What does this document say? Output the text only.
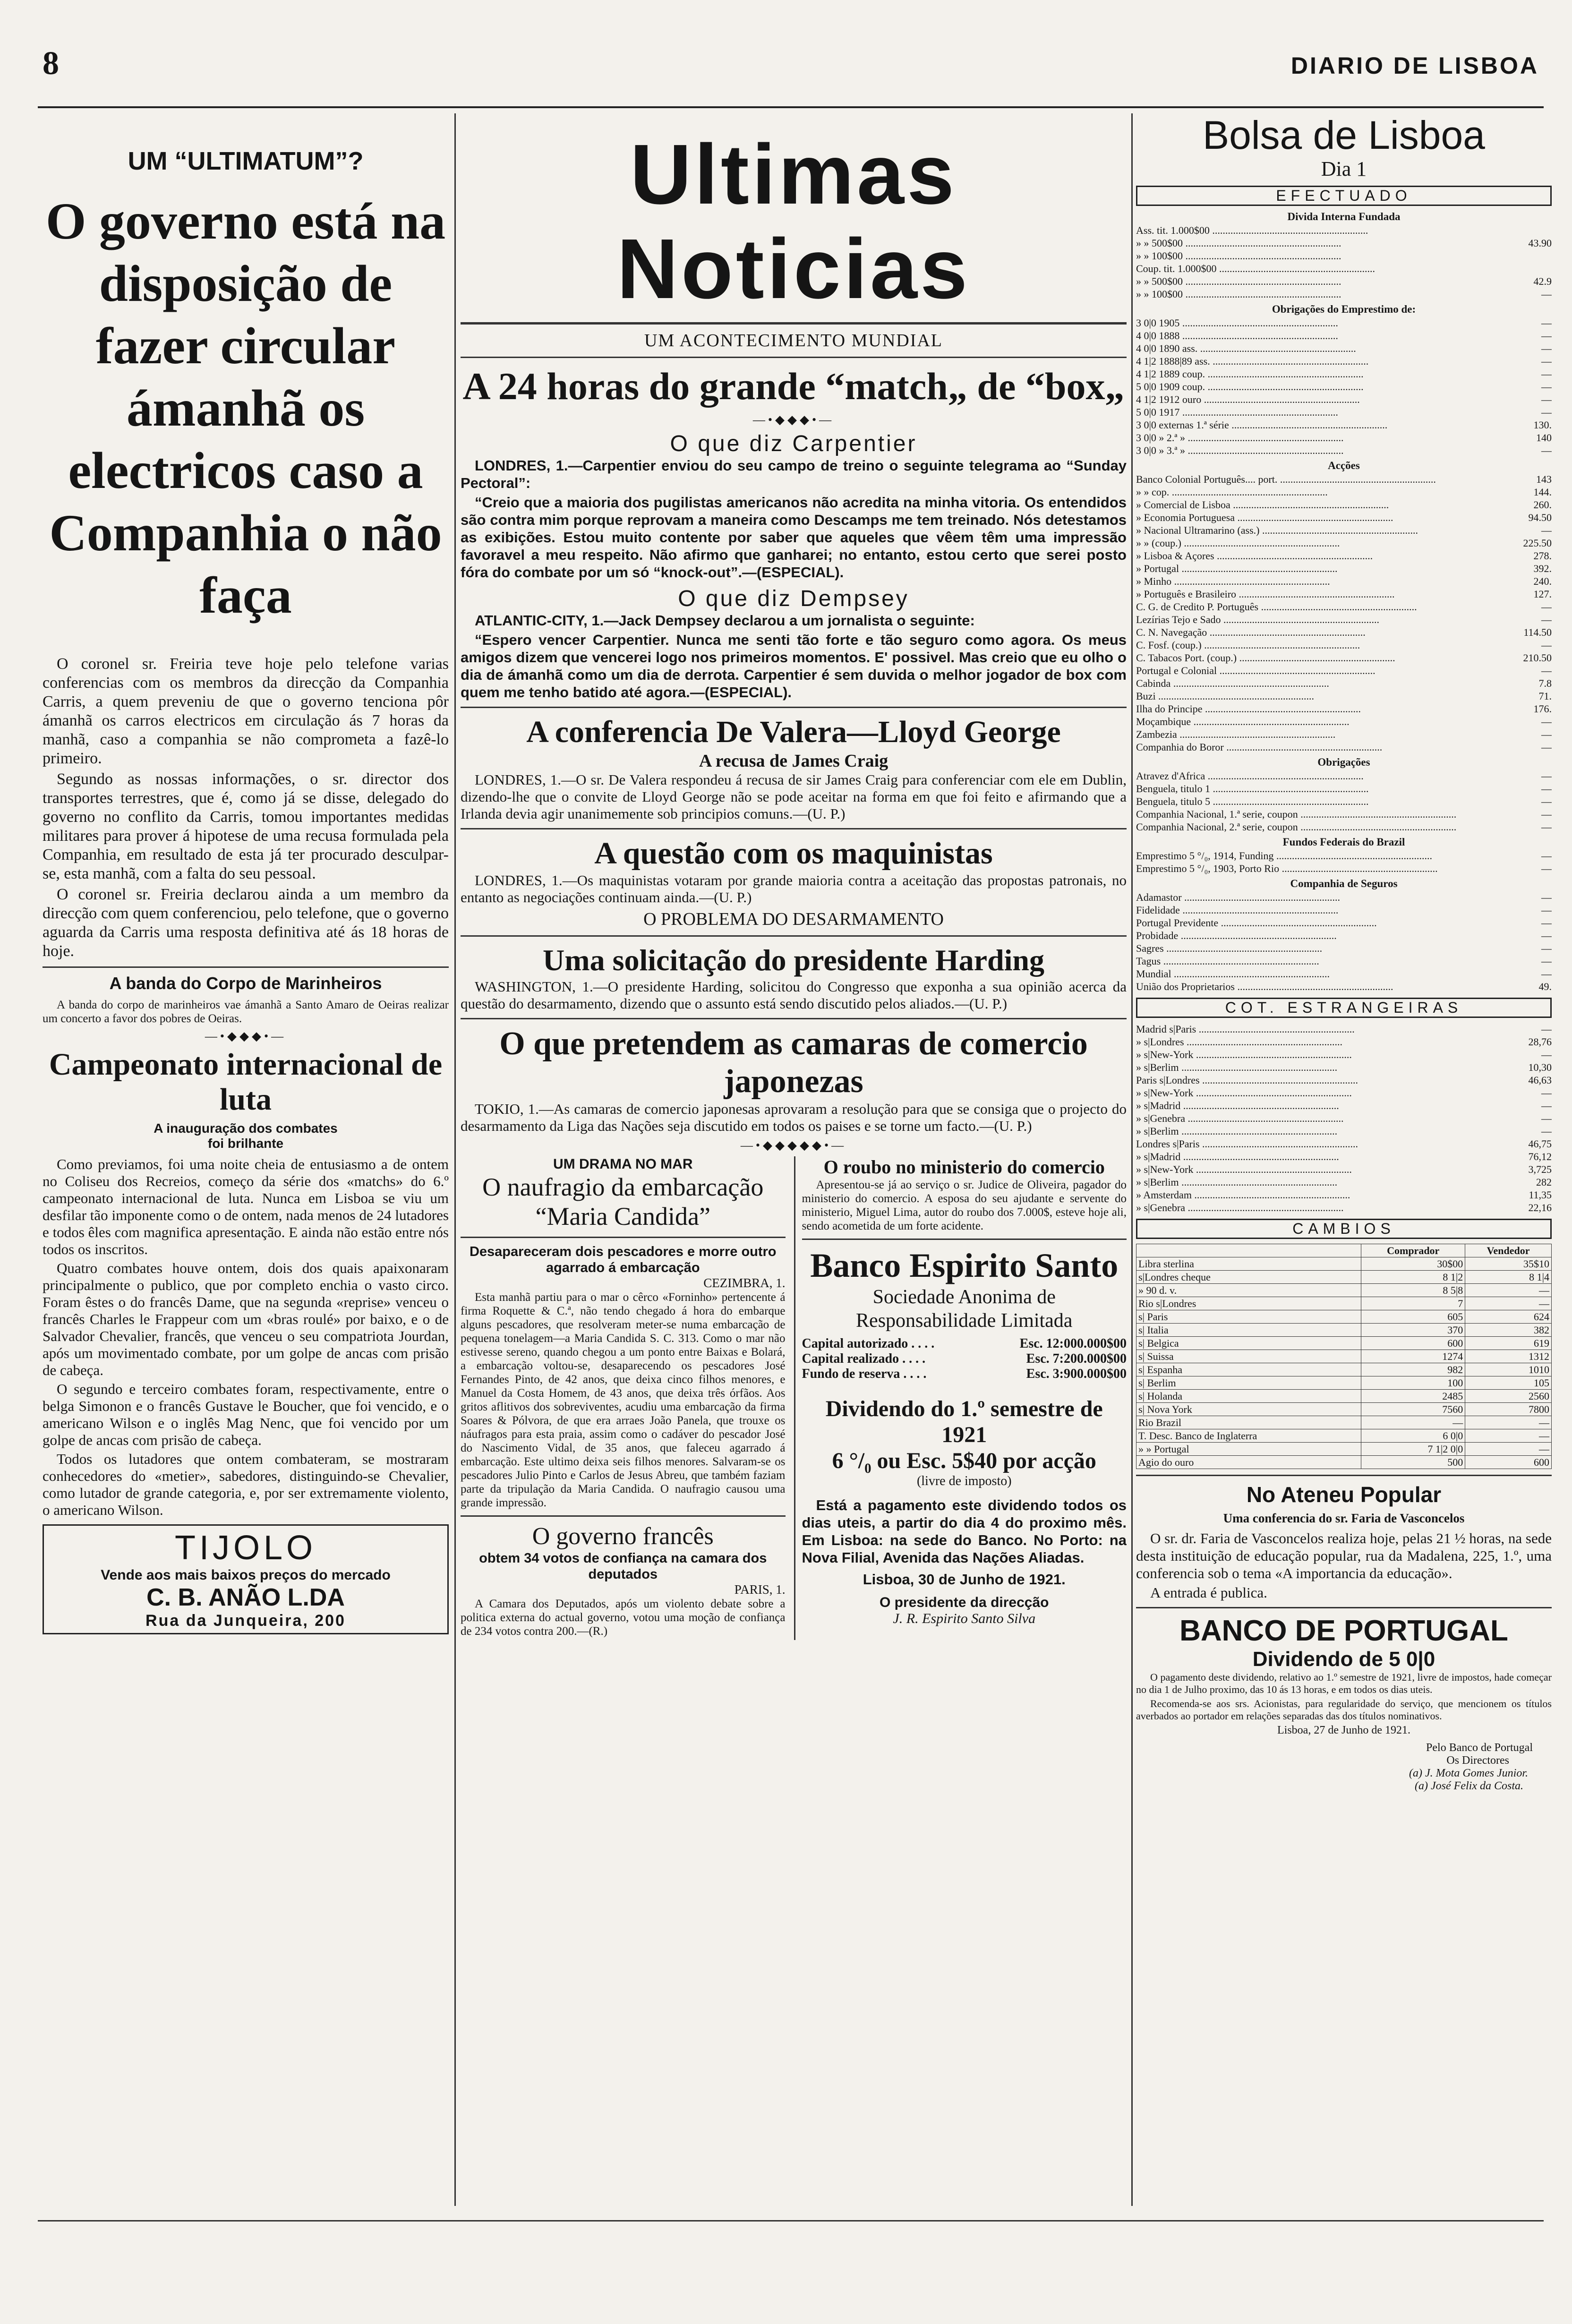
8	DIARIO DE LISBOA
UM “ULTIMATUM”?
O governo está na disposição de fazer circular ámanhã os electricos caso a Companhia o não faça

O coronel sr. Freiria teve hoje pelo telefone varias conferencias com os membros da direcção da Companhia Carris, a quem preveniu de que o governo tenciona pôr ámanhã os carros electricos em circulação ás 7 horas da manhã, caso a companhia se não comprometa a fazê-lo primeiro.

Segundo as nossas informações, o sr. director dos transportes terrestres, que é, como já se disse, delegado do governo no conflito da Carris, tomou importantes medidas militares para prover á hipotese de uma recusa formulada pela Companhia, em resultado de esta já ter procurado desculpar-se, esta manhã, com a falta do seu pessoal.

O coronel sr. Freiria declarou ainda a um membro da direcção com quem conferenciou, pelo telefone, que o governo aguarda da Carris uma resposta definitiva até ás 18 horas de hoje.

A banda do Corpo de Marinheiros

A banda do corpo de marinheiros vae ámanhã a Santo Amaro de Oeiras realizar um concerto a favor dos pobres de Oeiras.

—•◆◆◆•—
Campeonato internacional de luta
A inauguração dos combates
foi brilhante

Como previamos, foi uma noite cheia de entusiasmo a de ontem no Coliseu dos Recreios, começo da série dos «matchs» do 6.º campeonato internacional de luta. Nunca em Lisboa se viu um desfilar tão imponente como o de ontem, nada menos de 24 lutadores e todos êles com magnifica apresentação. E ainda não estão entre nós todos os inscritos.

Quatro combates houve ontem, dois dos quais apaixonaram principalmente o publico, que por completo enchia o vasto circo. Foram êstes o do francês Dame, que na segunda «reprise» venceu o francês Charles le Frappeur com um «bras roulé» por baixo, e o de Salvador Chevalier, francês, que venceu o seu compatriota Jourdan, após um movimentado combate, por um golpe de ancas com prisão de cabeça.

O segundo e terceiro combates foram, respectivamente, entre o belga Simonon e o francês Gustave le Boucher, que foi vencido, e o americano Wilson e o inglês Mag Nenc, que foi vencido por um golpe de ancas com prisão de cabeça.

Todos os lutadores que ontem combateram, se mostraram conhecedores do «metier», sabedores, distinguindo-se Chevalier, como lutador de grande categoria, e, por ser extremamente violento, o americano Wilson.

TIJOLO
Vende aos mais baixos preços do mercado
C. B. ANÃO L.DA
Rua da Junqueira, 200
Ultimas Noticias
UM ACONTECIMENTO MUNDIAL
A 24 horas do grande “match„ de “box„
—•◆◆◆•—
O que diz Carpentier

LONDRES, 1.—Carpentier enviou do seu campo de treino o seguinte telegrama ao “Sunday Pectoral”:

“Creio que a maioria dos pugilistas americanos não acredita na minha vitoria. Os entendidos são contra mim porque reprovam a maneira como Descamps me tem treinado. Nós detestamos as exibições. Estou muito contente por saber que aqueles que vêem têm uma impressão favoravel a meu respeito. Não afirmo que ganharei; no entanto, estou certo que serei posto fóra do combate por um só “knock-out”.—(ESPECIAL).

O que diz Dempsey

ATLANTIC-CITY, 1.—Jack Dempsey declarou a um jornalista o seguinte:

“Espero vencer Carpentier. Nunca me senti tão forte e tão seguro como agora. Os meus amigos dizem que vencerei logo nos primeiros momentos. E' possivel. Mas creio que eu olho o dia de ámanhã como um dia de derrota. Carpentier é sem duvida o melhor jogador de box com quem me tenho batido até agora.—(ESPECIAL).

A conferencia De Valera—Lloyd George
A recusa de James Craig

LONDRES, 1.—O sr. De Valera respondeu á recusa de sir James Craig para conferenciar com ele em Dublin, dizendo-lhe que o convite de Lloyd George não se pode aceitar na forma em que foi feito e afirmando que a Irlanda devia agir unanimemente sob principios comuns.—(U. P.)

A questão com os maquinistas

LONDRES, 1.—Os maquinistas votaram por grande maioria contra a aceitação das propostas patronais, no entanto as negociações continuam ainda.—(U. P.)

O PROBLEMA DO DESARMAMENTO
Uma solicitação do presidente Harding

WASHINGTON, 1.—O presidente Harding, solicitou do Congresso que exponha a sua opinião acerca da questão do desarmamento, dizendo que o assunto está sendo discutido pelos aliados.—(U. P.)

O que pretendem as camaras de comercio japonezas

TOKIO, 1.—As camaras de comercio japonesas aprovaram a resolução para que se consiga que o projecto do desarmamento da Liga das Nações seja discutido em todos os paises e se torne um facto.—(U. P.)

—•◆◆◆◆◆•—
UM DRAMA NO MAR
O naufragio da embarcação “Maria Candida”
Desapareceram dois pescadores e morre outro agarrado á embarcação
CEZIMBRA, 1.

Esta manhã partiu para o mar o cêrco «Forninho» pertencente á firma Roquette & C.ª, não tendo chegado á hora do embarque alguns pescadores, que resolveram meter-se numa embarcação de pequena tonelagem—a Maria Candida S. C. 313. Como o mar não estivesse sereno, quando chegou a um ponto entre Baixas e Bolará, a embarcação voltou-se, desaparecendo os pescadores José Fernandes Pinto, de 42 anos, que deixa cinco filhos menores, e Manuel da Costa Homem, de 43 anos, que deixa três órfãos. Aos gritos aflitivos dos sobreviventes, acudiu uma embarcação da firma Soares & Pólvora, de que era arraes João Panela, que trouxe os náufragos para esta praia, assim como o cadáver do pescador José do Nascimento Vidal, de 35 anos, que faleceu agarrado á embarcação. Este ultimo deixa seis filhos menores. Salvaram-se os pescadores Julio Pinto e Carlos de Jesus Abreu, que também faziam parte da tripulação da Maria Candida. O naufragio causou uma grande impressão.

O governo francês
obtem 34 votos de confiança na camara dos deputados
PARIS, 1.

A Camara dos Deputados, após um violento debate sobre a politica externa do actual governo, votou uma moção de confiança de 234 votos contra 200.—(R.)

O roubo no ministerio do comercio

Apresentou-se já ao serviço o sr. Judice de Oliveira, pagador do ministerio do comercio. A esposa do seu ajudante e servente do ministerio, Miguel Lima, autor do roubo dos 7.000$, esteve hoje ali, sendo acometida de um forte acidente.

Banco Espirito Santo
Sociedade Anonima de Responsabilidade Limitada
Capital autorizado . . . .	Esc. 12:000.000$00
Capital realizado . . . .	Esc. 7:200.000$00
Fundo de reserva . . . .	Esc. 3:900.000$00
Dividendo do 1.º semestre de 1921
6 °/₀ ou Esc. 5$40 por acção
(livre de imposto)

Está a pagamento este dividendo todos os dias uteis, a partir do dia 4 do proximo mês. Em Lisboa: na sede do Banco. No Porto: na Nova Filial, Avenida das Nações Aliadas.

Lisboa, 30 de Junho de 1921.
O presidente da direcção
J. R. Espirito Santo Silva
Bolsa de Lisboa
Dia 1
EFECTUADO
Divida Interna Fundada
Ass. tit. 1.000$00 ............................................................
» » 500$00 ............................................................	43.90
» » 100$00 ............................................................
Coup. tit. 1.000$00 ............................................................
» » 500$00 ............................................................	42.9
» » 100$00 ............................................................	—
Obrigações do Emprestimo de:
3 0|0 1905 ............................................................	—
4 0|0 1888 ............................................................	—
4 0|0 1890 ass. ............................................................	—
4 1|2 1888|89 ass. ............................................................	—
4 1|2 1889 coup. ............................................................	—
5 0|0 1909 coup. ............................................................	—
4 1|2 1912 ouro ............................................................	—
5 0|0 1917 ............................................................	—
3 0|0 externas 1.ª série ............................................................	130.
3 0|0 » 2.ª » ............................................................	140
3 0|0 » 3.ª » ............................................................	—
Acções
Banco Colonial Português.... port. ............................................................	143
» » cop. ............................................................	144.
» Comercial de Lisboa ............................................................	260.
» Economia Portuguesa ............................................................	94.50
» Nacional Ultramarino (ass.) ............................................................	—
» » (coup.) ............................................................	225.50
» Lisboa & Açores ............................................................	278.
» Portugal ............................................................	392.
» Minho ............................................................	240.
» Português e Brasileiro ............................................................	127.
C. G. de Credito P. Português ............................................................	—
Lezírias Tejo e Sado ............................................................	—
C. N. Navegação ............................................................	114.50
C. Fosf. (coup.) ............................................................	—
C. Tabacos Port. (coup.) ............................................................	210.50
Portugal e Colonial ............................................................	—
Cabinda ............................................................	7.8
Buzi ............................................................	71.
Ilha do Principe ............................................................	176.
Moçambique ............................................................	—
Zambezia ............................................................	—
Companhia do Boror ............................................................	—
Obrigações
Atravez d'Africa ............................................................	—
Benguela, titulo 1 ............................................................	—
Benguela, titulo 5 ............................................................	—
Companhia Nacional, 1.ª serie, coupon ............................................................	—
Companhia Nacional, 2.ª serie, coupon ............................................................	—
Fundos Federais do Brazil
Emprestimo 5 °/₀, 1914, Funding ............................................................	—
Emprestimo 5 °/₀, 1903, Porto Rio ............................................................	—
Companhia de Seguros
Adamastor ............................................................	—
Fidelidade ............................................................	—
Portugal Previdente ............................................................	—
Probidade ............................................................	—
Sagres ............................................................	—
Tagus ............................................................	—
Mundial ............................................................	—
União dos Proprietarios ............................................................	49.
COT. ESTRANGEIRAS
Madrid s|Paris ............................................................	—
» s|Londres ............................................................	28,76
» s|New-York ............................................................	—
» s|Berlim ............................................................	10,30
Paris s|Londres ............................................................	46,63
» s|New-York ............................................................	—
» s|Madrid ............................................................	—
» s|Genebra ............................................................	—
» s|Berlim ............................................................	—
Londres s|Paris ............................................................	46,75
» s|Madrid ............................................................	76,12
» s|New-York ............................................................	3,725
» s|Berlim ............................................................	282
» Amsterdam ............................................................	11,35
» s|Genebra ............................................................	22,16
CAMBIOS
	Comprador	Vendedor
Libra sterlina	30$00	35$10
s|Londres cheque	8 1|2	8 1|4
» 90 d. v.	8 5|8	—
Rio s|Londres	7	—
s| Paris	605	624
s| Italia	370	382
s| Belgica	600	619
s| Suissa	1274	1312
s| Espanha	982	1010
s| Berlim	100	105
s| Holanda	2485	2560
s| Nova York	7560	7800
Rio Brazil	—	—
T. Desc. Banco de Inglaterra	6 0|0	—
» » Portugal	7 1|2 0|0	—
Agio do ouro	500	600
No Ateneu Popular
Uma conferencia do sr. Faria de Vasconcelos

O sr. dr. Faria de Vasconcelos realiza hoje, pelas 21 ½ horas, na sede desta instituição de educação popular, rua da Madalena, 225, 1.º, uma conferencia sob o tema «A importancia da educação».

A entrada é publica.

BANCO DE PORTUGAL
Dividendo de 5 0|0

O pagamento deste dividendo, relativo ao 1.º semestre de 1921, livre de impostos, hade começar no dia 1 de Julho proximo, das 10 ás 13 horas, e em todos os dias uteis.

Recomenda-se aos srs. Acionistas, para regularidade do serviço, que mencionem os títulos averbados ao portador em relações separadas das dos títulos nominativos.

Lisboa, 27 de Junho de 1921.
Pelo Banco de Portugal
Os Directores
(a) J. Mota Gomes Junior.
(a) José Felix da Costa.
